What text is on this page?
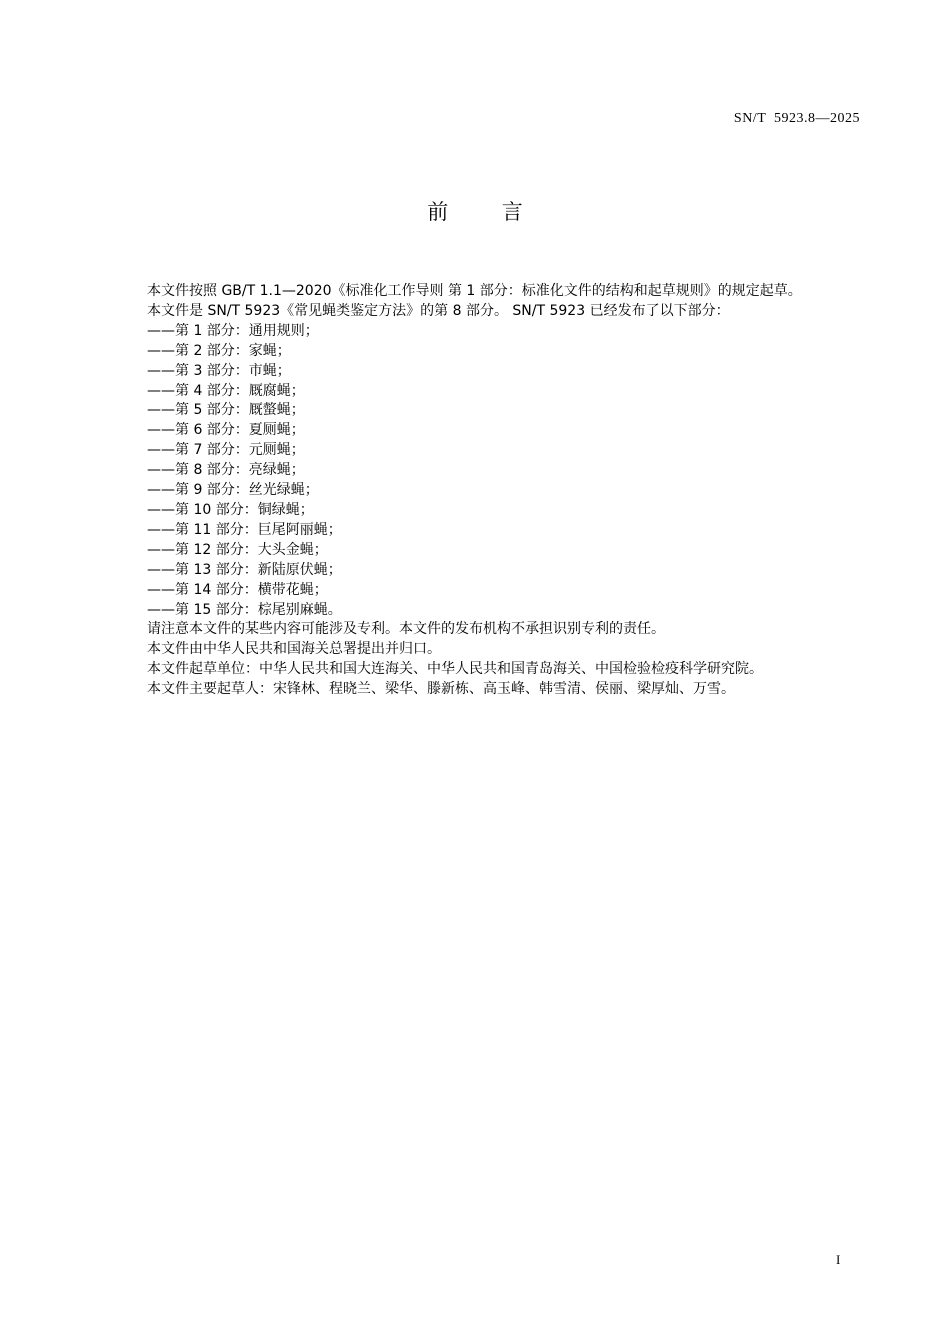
SN/T  5923.8—2025
前        言

本文件按照 GB/T 1.1—2020《标准化工作导则 第 1 部分：标准化文件的结构和起草规则》的规定起草。

本文件是 SN/T 5923《常见蝇类鉴定方法》的第 8 部分。 SN/T 5923 已经发布了以下部分：

——第 1 部分：通用规则；

——第 2 部分：家蝇；

——第 3 部分：市蝇；

——第 4 部分：厩腐蝇；

——第 5 部分：厩螫蝇；

——第 6 部分：夏厕蝇；

——第 7 部分：元厕蝇；

——第 8 部分：亮绿蝇；

——第 9 部分：丝光绿蝇；

——第 10 部分：铜绿蝇；

——第 11 部分：巨尾阿丽蝇；

——第 12 部分：大头金蝇；

——第 13 部分：新陆原伏蝇；

——第 14 部分：横带花蝇；

——第 15 部分：棕尾别麻蝇。

请注意本文件的某些内容可能涉及专利。本文件的发布机构不承担识别专利的责任。

本文件由中华人民共和国海关总署提出并归口。

本文件起草单位：中华人民共和国大连海关、中华人民共和国青岛海关、中国检验检疫科学研究院。

本文件主要起草人：宋锋林、程晓兰、梁华、滕新栋、高玉峰、韩雪清、侯丽、梁厚灿、万雪。

I
